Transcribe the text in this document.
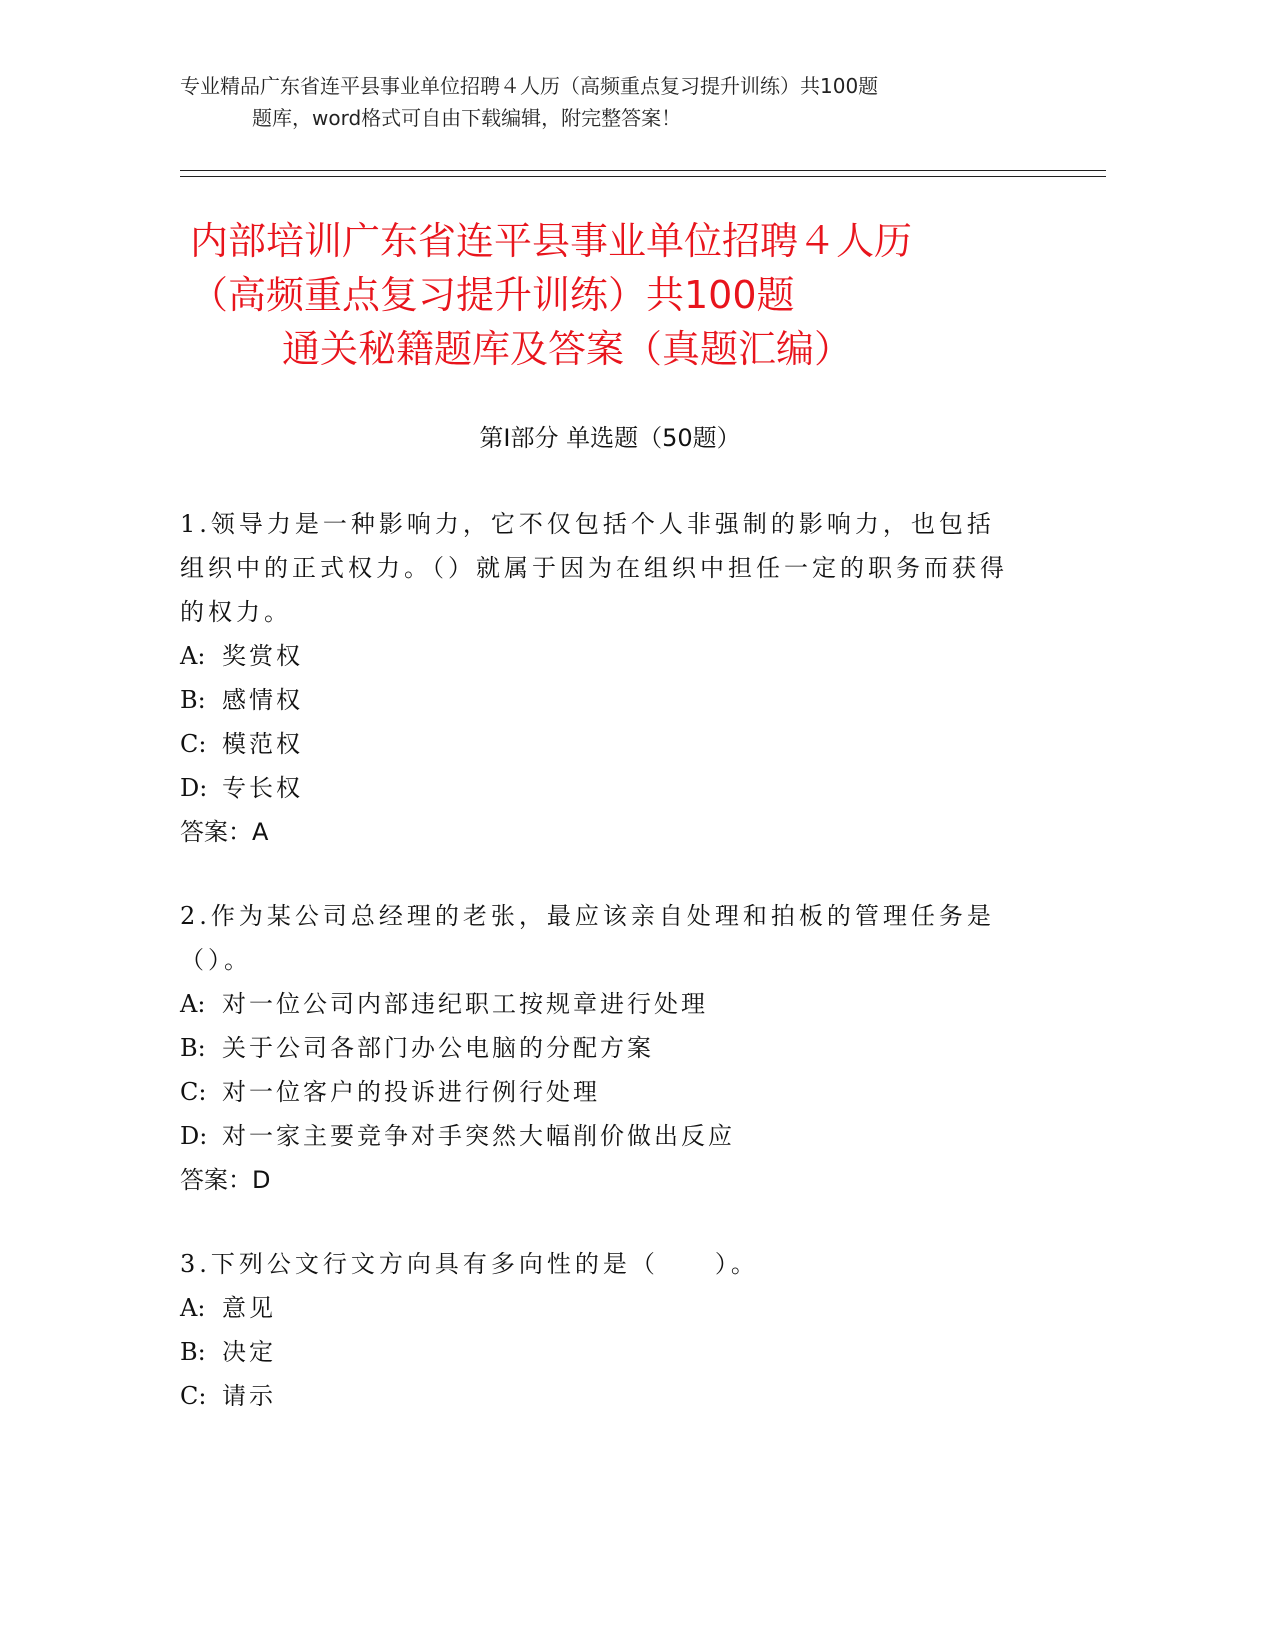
专业精品广东省连平县事业单位招聘４人历（高频重点复习提升训练）共100题
题库，word格式可自由下载编辑，附完整答案！
内部培训广东省连平县事业单位招聘４人历
（高频重点复习提升训练）共100题
通关秘籍题库及答案（真题汇编）
第Ⅰ部分 单选题（50题）
1.领导力是一种影响力，它不仅包括个人非强制的影响力，也包括组织中的正式权力。（）就属于因为在组织中担任一定的职务而获得的权力。
A: 奖赏权
B: 感情权
C: 模范权
D: 专长权
答案：A
2.作为某公司总经理的老张，最应该亲自处理和拍板的管理任务是（）。
A: 对一位公司内部违纪职工按规章进行处理
B: 关于公司各部门办公电脑的分配方案
C: 对一位客户的投诉进行例行处理
D: 对一家主要竞争对手突然大幅削价做出反应
答案：D
3.下列公文行文方向具有多向性的是（　　）。
A: 意见
B: 决定
C: 请示
